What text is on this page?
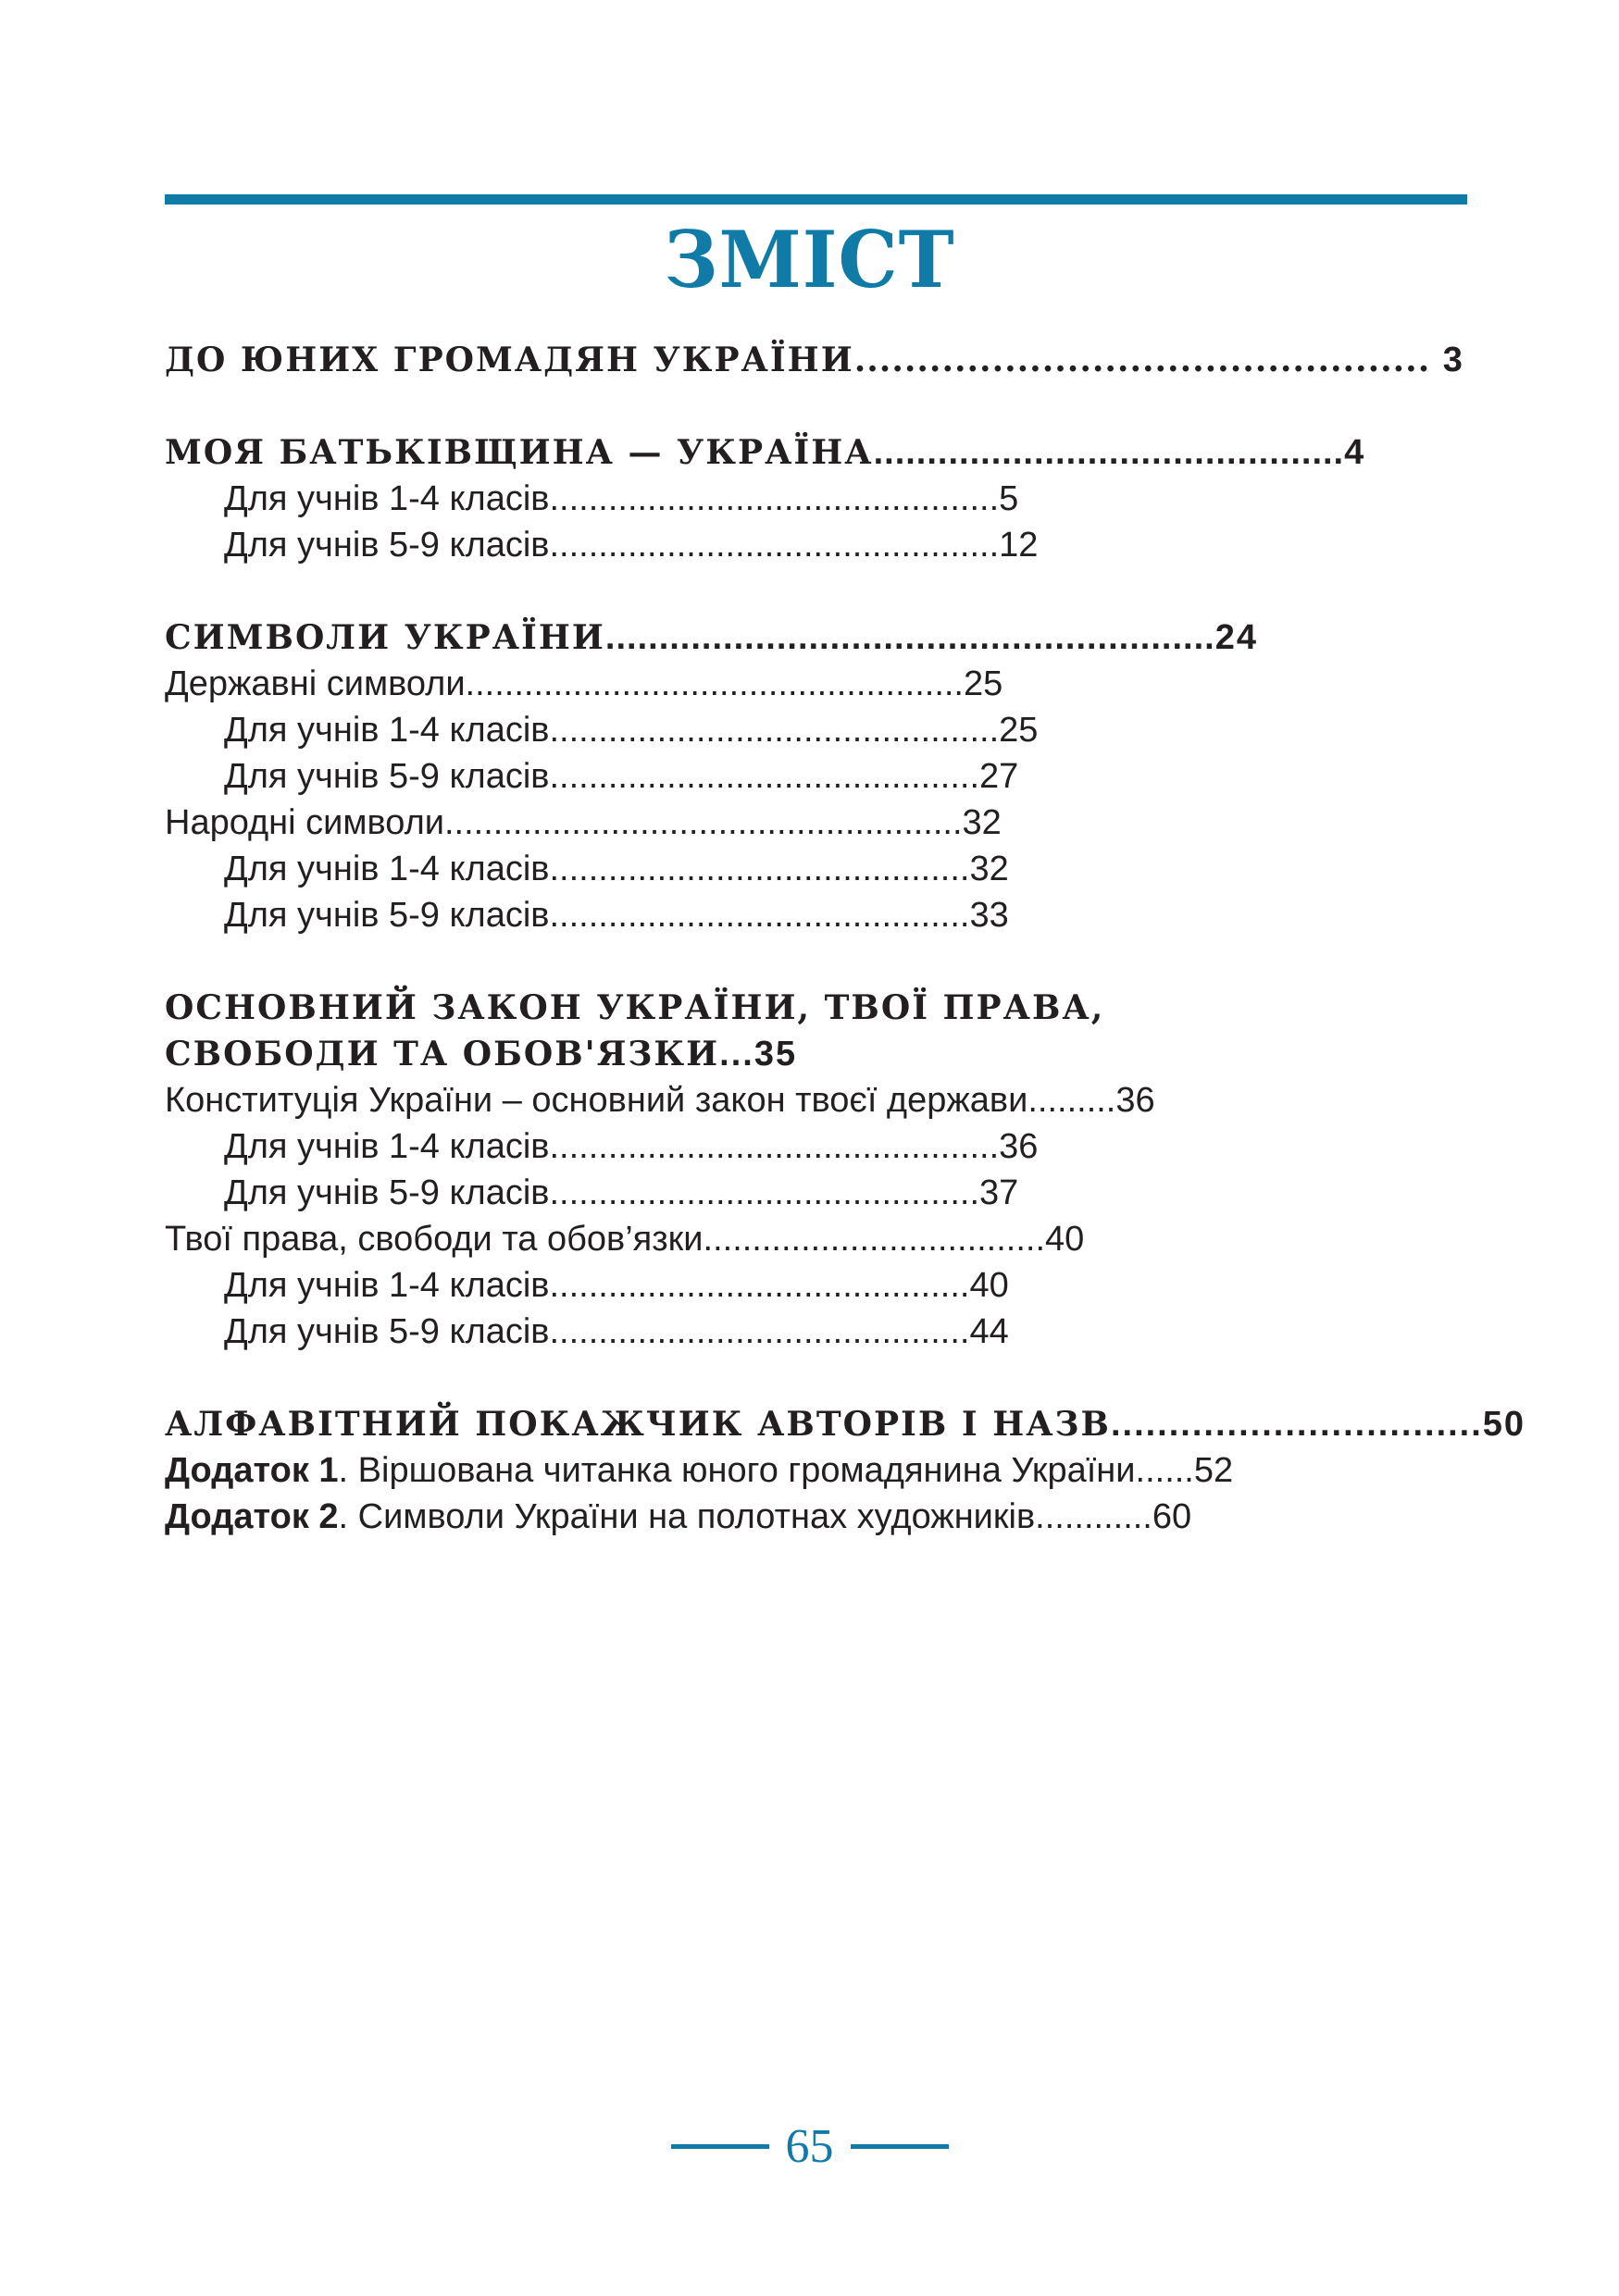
ЗМІСТ
ДО ЮНИХ ГРОМАДЯН УКРАЇНИ.............................................. 3
МОЯ БАТЬКІВЩИНА — УКРАЇНА............................................4
Для учнів 1-4 класів..............................................5
Для учнів 5-9 класів..............................................12
СИМВОЛИ УКРАЇНИ.........................................................24
Державні символи...................................................25
Для учнів 1-4 класів..............................................25
Для учнів 5-9 класів............................................27
Народні символи.....................................................32
Для учнів 1-4 класів...........................................32
Для учнів 5-9 класів...........................................33
ОСНОВНИЙ ЗАКОН УКРАЇНИ, ТВОЇ ПРАВА,
СВОБОДИ ТА ОБОВ'ЯЗКИ...35
Конституція України – основний закон твоєї держави.........36
Для учнів 1-4 класів..............................................36
Для учнів 5-9 класів............................................37
Твої права, свободи та обов’язки...................................40
Для учнів 1-4 класів...........................................40
Для учнів 5-9 класів...........................................44
АЛФАВІТНИЙ ПОКАЖЧИК АВТОРІВ І НАЗВ................................50
Додаток 1. Віршована читанка юного громадянина України......52
Додаток 2. Символи України на полотнах художників............60
65
